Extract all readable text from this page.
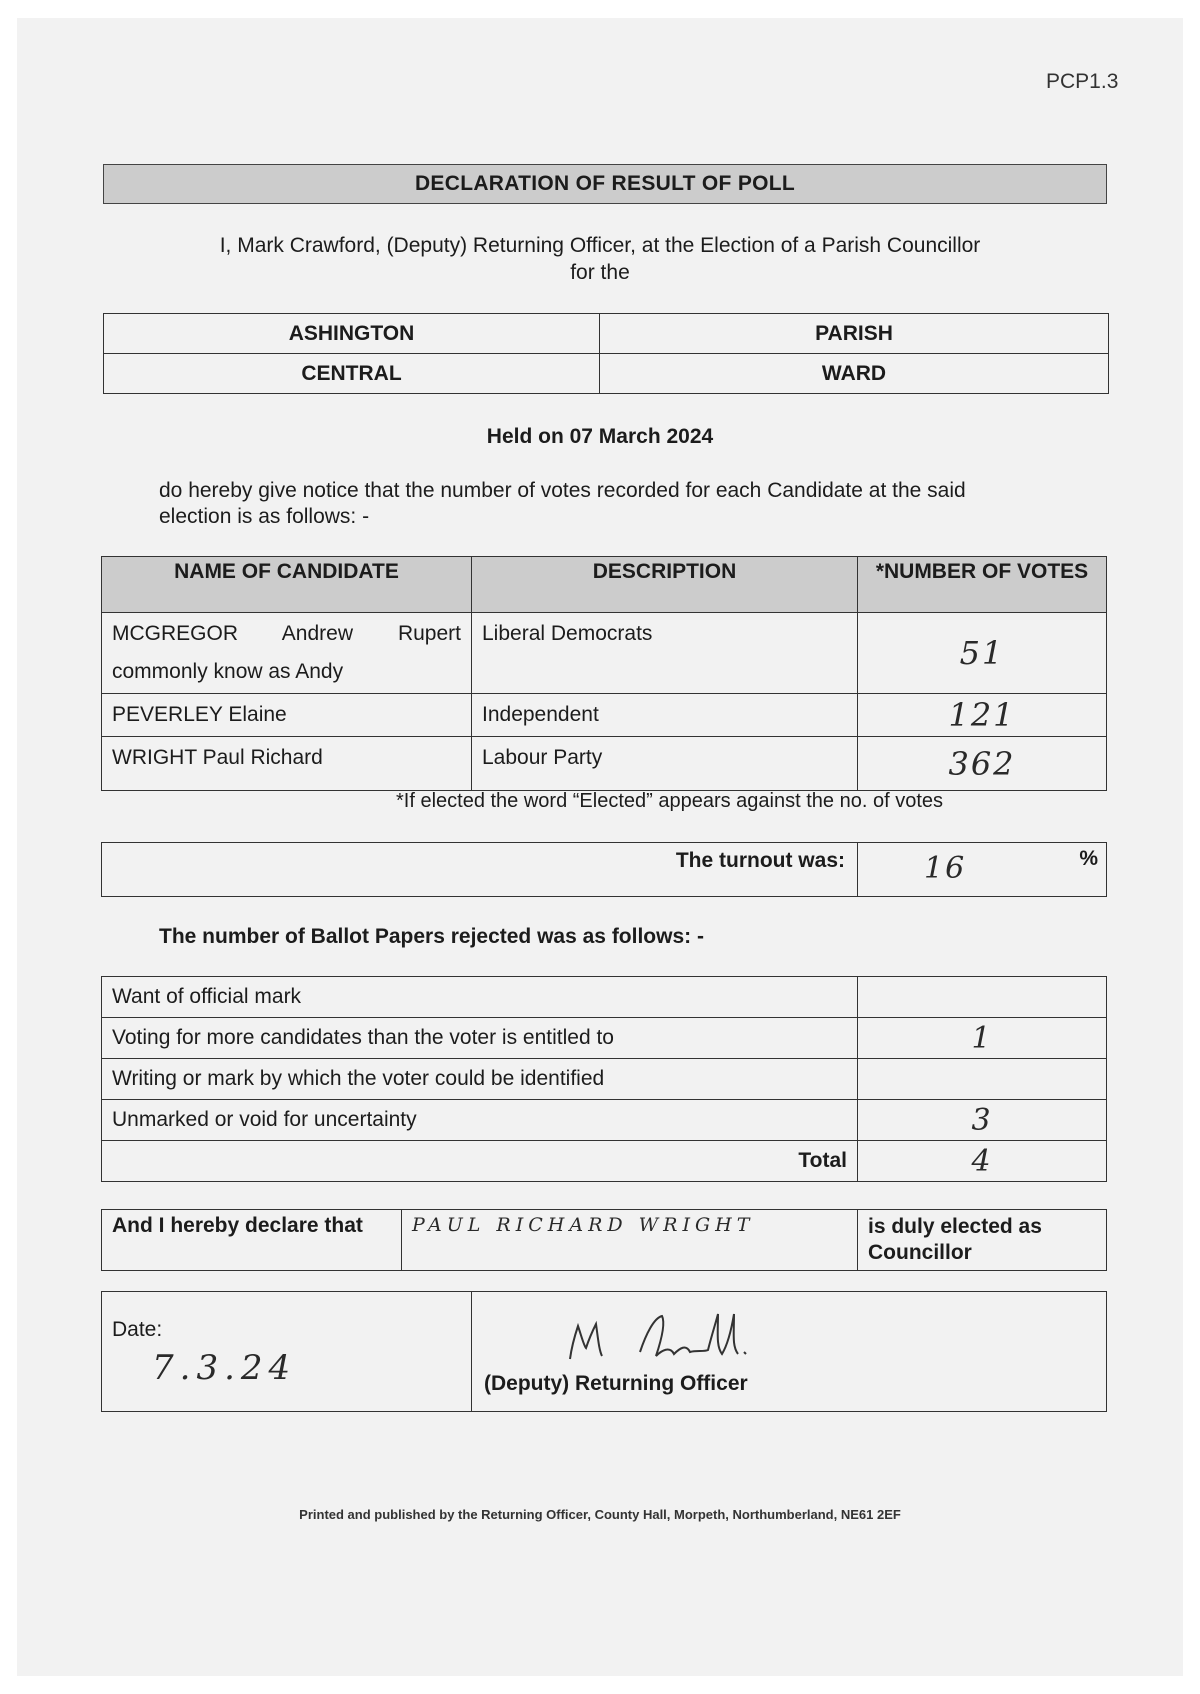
PCP1.3
DECLARATION OF RESULT OF POLL
I, Mark Crawford, (Deputy) Returning Officer, at the Election of a Parish Councillor
for the
ASHINGTON	PARISH
CENTRAL	WARD
Held on 07 March 2024
do hereby give notice that the number of votes recorded for each Candidate at the said election is as follows: -
NAME OF CANDIDATE	DESCRIPTION	*NUMBER OF VOTES
MCGREGOR Andrew Rupert commonly know as Andy	Liberal Democrats	51
PEVERLEY Elaine	Independent	121
WRIGHT Paul Richard	Labour Party	362
*If elected the word “Elected” appears against the no. of votes
The turnout was:	16	%
The number of Ballot Papers rejected was as follows: -
Want of official mark	
Voting for more candidates than the voter is entitled to	1
Writing or mark by which the voter could be identified	
Unmarked or void for uncertainty	3
Total	4
And I hereby declare that	PAUL RICHARD WRIGHT	is duly elected as Councillor
Date:
7.3.24	(Deputy) Returning Officer
Printed and published by the Returning Officer, County Hall, Morpeth, Northumberland, NE61 2EF
